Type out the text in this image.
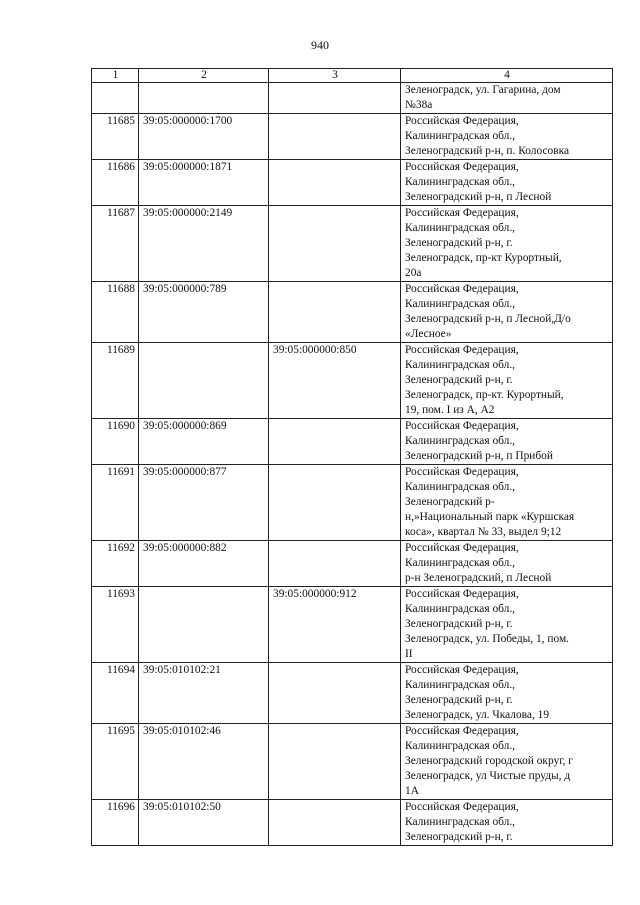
940
1	2	3	4
			Зеленоградск, ул. Гагарина, дом
№38а
11685	39:05:000000:1700		Российская Федерация,
Калининградская обл.,
Зеленоградский р-н, п. Колосовка
11686	39:05:000000:1871		Российская Федерация,
Калининградская обл.,
Зеленоградский р-н, п Лесной
11687	39:05:000000:2149		Российская Федерация,
Калининградская обл.,
Зеленоградский р-н, г.
Зеленоградск, пр-кт Курортный,
20а
11688	39:05:000000:789		Российская Федерация,
Калининградская обл.,
Зеленоградский р-н, п Лесной,Д/о
«Лесное»
11689		39:05:000000:850	Российская Федерация,
Калининградская обл.,
Зеленоградский р-н, г.
Зеленоградск, пр-кт. Курортный,
19, пом. I из А, А2
11690	39:05:000000:869		Российская Федерация,
Калининградская обл.,
Зеленоградский р-н, п Прибой
11691	39:05:000000:877		Российская Федерация,
Калининградская обл.,
Зеленоградский р-
н,»Национальный парк «Куршская
коса», квартал № 33, выдел 9;12
11692	39:05:000000:882		Российская Федерация,
Калининградская обл.,
р-н Зеленоградский, п Лесной
11693		39:05:000000:912	Российская Федерация,
Калининградская обл.,
Зеленоградский р-н, г.
Зеленоградск, ул. Победы, 1, пом.
II
11694	39:05:010102:21		Российская Федерация,
Калининградская обл.,
Зеленоградский р-н, г.
Зеленоградск, ул. Чкалова, 19
11695	39:05:010102:46		Российская Федерация,
Калининградская обл.,
Зеленоградский городской округ, г
Зеленоградск, ул Чистые пруды, д
1А
11696	39:05:010102:50		Российская Федерация,
Калининградская обл.,
Зеленоградский р-н, г.
